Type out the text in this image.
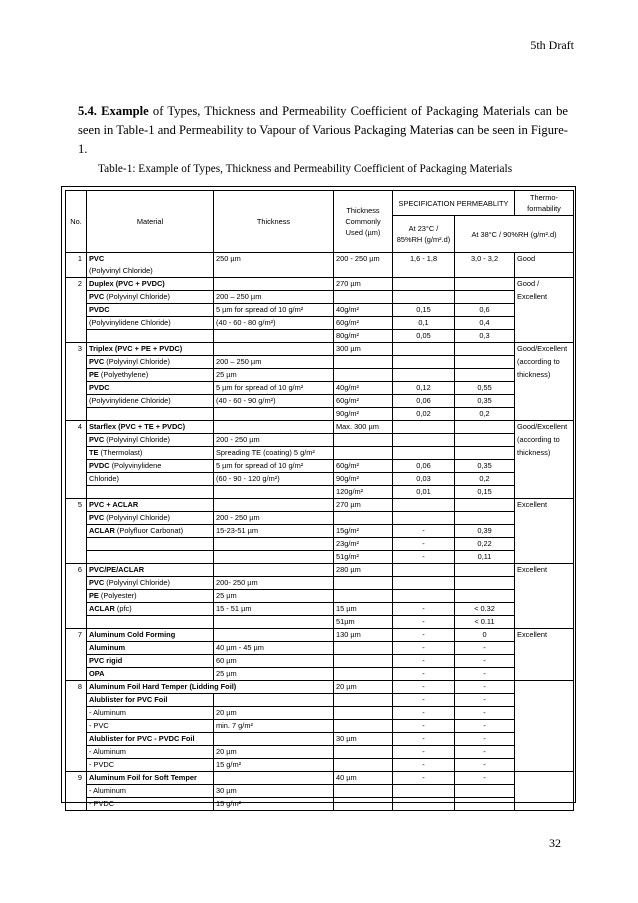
5th Draft
5.4. Example of Types, Thickness and Permeability Coefficient of Packaging Materials can be seen in Table-1 and Permeability to Vapour of Various Packaging Materias can be seen in Figure-1.
Table-1: Example of Types, Thickness and Permeability Coefficient of Packaging Materials
No.	Material	Thickness	Thickness Commonly Used (µm)	SPECIFICATION PERMEABLITY		Thermo-formability
				At 23°C / 85%RH (g/m².d)	At 38°C / 90%RH (g/m².d)	
1	PVC	250 µm	200 - 250 µm	1,6 - 1,8	3,0 - 3,2	Good
	(Polyvinyl Chloride)					
2	Duplex (PVC + PVDC)		270 µm			Good /
	PVC (Polyvinyl Chloride)	200 – 250 µm				Excellent
	PVDC	5 µm for spread of 10 g/m²	40g/m²	0,15	0,6	
	(Polyvinylidene Chloride)	(40 - 60 - 80 g/m²)	60g/m²	0,1	0,4	
			80g/m²	0,05	0,3	
3	Triplex (PVC + PE + PVDC)		300 µm			Good/Excellent
	PVC (Polyvinyl Chloride)	200 – 250 µm				(according to
	PE (Polyethylene)	25 µm				thickness)
	PVDC	5 µm for spread of 10 g/m²	40g/m²	0,12	0,55	
	(Polyvinylidene Chloride)	(40 - 60 - 90 g/m²)	60g/m²	0,06	0,35	
			90g/m²	0,02	0,2	
4	Starflex (PVC + TE + PVDC)		Max. 300 µm			Good/Excellent
	PVC (Polyvinyl Chloride)	200 - 250 µm				(according to
	TE (Thermolast)	Spreading TE (coating) 5 g/m²				thickness)
	PVDC (Polyvinylidene	5 µm for spread of 10 g/m²	60g/m²	0,06	0,35	
	Chloride)	(60 - 90 - 120 g/m²)	90g/m²	0,03	0,2	
			120g/m²	0,01	0,15	
5	PVC + ACLAR		270 µm			Excellent
	PVC (Polyvinyl Chloride)	200 - 250 µm				
	ACLAR (Polyfluor Carbonat)	15-23-51 µm	15g/m²	-	0,39	
			23g/m²	-	0,22	
			51g/m²	-	0,11	
6	PVC/PE/ACLAR		280 µm			Excellent
	PVC (Polyvinyl Chloride)	200- 250 µm				
	PE (Polyester)	25 µm				
	ACLAR (pfc)	15 - 51 µm	15 µm	-	< 0.32	
			51µm	-	< 0.11	
7	Aluminum Cold Forming		130 µm	-	0	Excellent
	Aluminum	40 µm - 45 µm		-	-	
	PVC rigid	60 µm		-	-	
	OPA	25 µm		-	-	
8	Aluminum Foil Hard Temper (Lidding Foil)		20 µm	-	-	
	Alublister for PVC Foil			-	-	
	- Aluminum	20 µm		-	-	
	- PVC	min. 7 g/m²		-	-	
	Alublister for PVC - PVDC Foil		30 µm	-	-	
	- Aluminum	20 µm		-	-	
	- PVDC	15 g/m²		-	-	
9	Aluminum Foil for Soft Temper		40 µm	-	-	
	- Aluminum	30 µm				
	- PVDC	15 g/m²				
32
